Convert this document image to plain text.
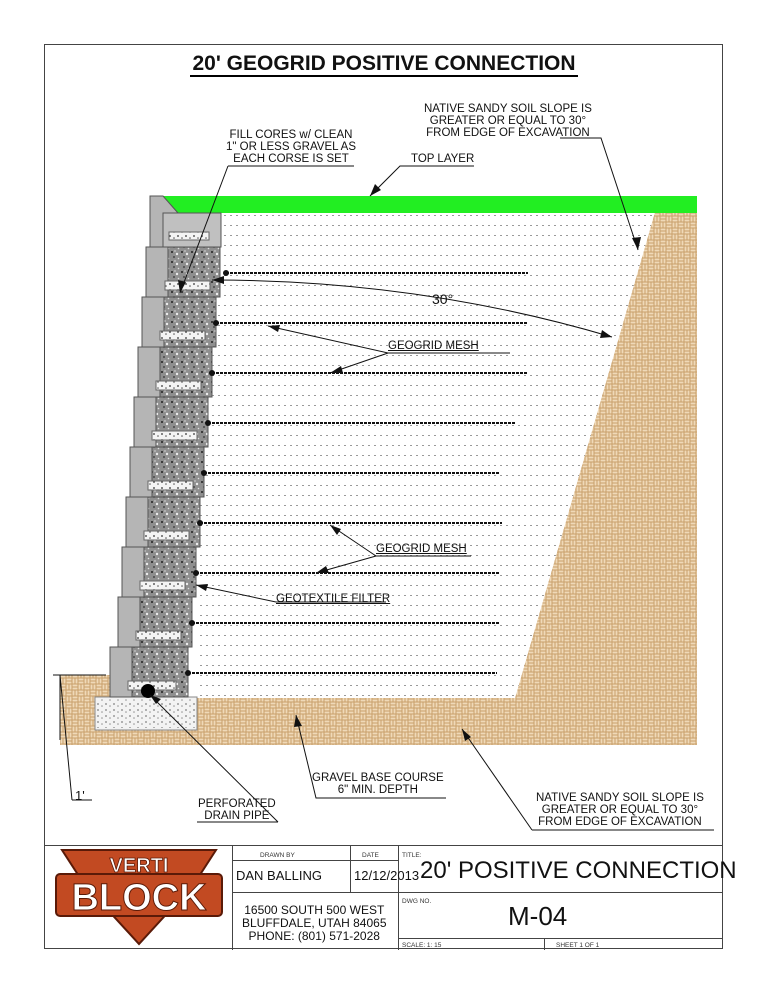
20' GEOGRID POSITIVE CONNECTION
NATIVE SANDY SOIL SLOPE IS
GREATER OR EQUAL TO 30°
FROM EDGE OF EXCAVATION
FILL CORES w/ CLEAN
1" OR LESS GRAVEL AS
EACH CORSE IS SET	TOP LAYER
30°
GEOGRID MESH
GEOGRID MESH
GEOTEXTILE FILTER
GRAVEL BASE COURSE
6" MIN. DEPTH
NATIVE SANDY SOIL SLOPE IS
GREATER OR EQUAL TO 30°
FROM EDGE OF EXCAVATION
PERFORATED
DRAIN PIPE
1'
VERTI
BLOCK
DRAWN BY	DATE
DAN BALLING 12/12/2013
16500 SOUTH 500 WEST
BLUFFDALE, UTAH 84065
PHONE: (801) 571-2028
TITLE:
20' POSITIVE CONNECTION
DWG NO.	M-04
SCALE: 1: 15	SHEET 1 OF 1
